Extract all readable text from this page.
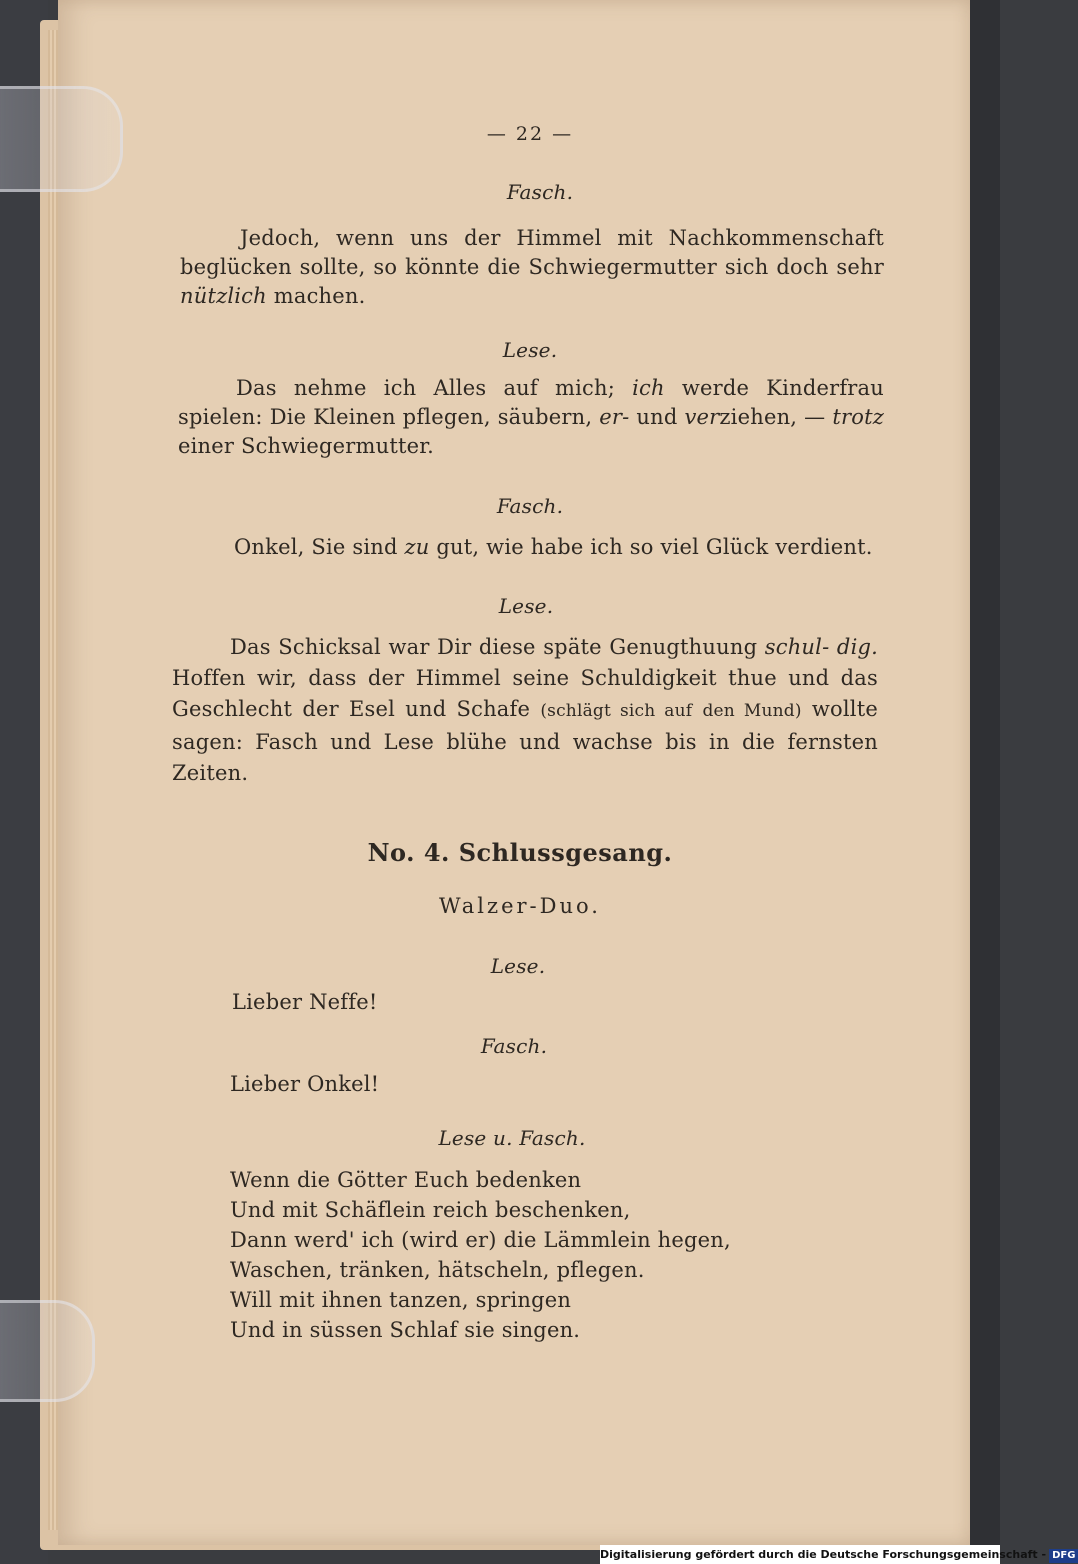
— 22 —
Fasch.
Jedoch, wenn uns der Himmel mit Nachkommenschaft beglücken sollte, so könnte die Schwiegermutter sich doch sehr nützlich machen.
Lese.
Das nehme ich Alles auf mich; ich werde Kinderfrau spielen: Die Kleinen pflegen, säubern, er- und verziehen, — trotz einer Schwiegermutter.
Fasch.
Onkel, Sie sind zu gut, wie habe ich so viel Glück verdient.
Lese.
Das Schicksal war Dir diese späte Genugthuung schul- dig. Hoffen wir, dass der Himmel seine Schuldigkeit thue und das Geschlecht der Esel und Schafe (schlägt sich auf den Mund) wollte sagen: Fasch und Lese blühe und wachse bis in die fernsten Zeiten.
No. 4. Schlussgesang.
Walzer-Duo.
Lese.
Lieber Neffe!
Fasch.
Lieber Onkel!
Lese u. Fasch.
Wenn die Götter Euch bedenken
Und mit Schäflein reich beschenken,
Dann werd' ich (wird er) die Lämmlein hegen,
Waschen, tränken, hätscheln, pflegen.
Will mit ihnen tanzen, springen
Und in süssen Schlaf sie singen.
Digitalisierung gefördert durch die Deutsche Forschungsgemeinschaft - DFG
